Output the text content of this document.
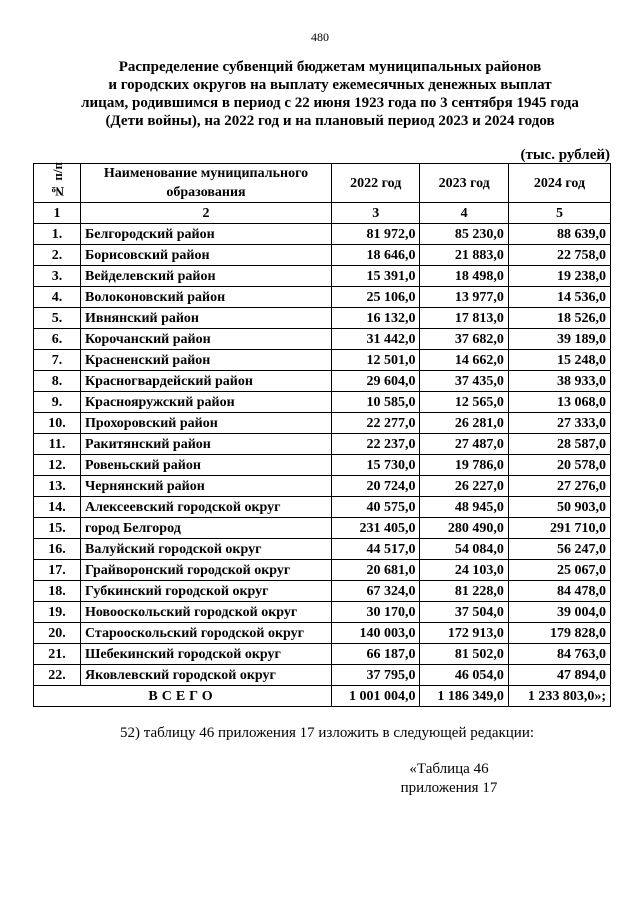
480
Распределение субвенций бюджетам муниципальных районов
и городских округов на выплату ежемесячных денежных выплат
лицам, родившимся в период с 22 июня 1923 года по 3 сентября 1945 года
(Дети войны), на 2022 год и на плановый период 2023 и 2024 годов
(тыс. рублей)
№ п/п	Наименование муниципального образования	2022 год	2023 год	2024 год
1	2	3	4	5
1.	Белгородский район	81 972,0	85 230,0	88 639,0
2.	Борисовский район	18 646,0	21 883,0	22 758,0
3.	Вейделевский район	15 391,0	18 498,0	19 238,0
4.	Волоконовский район	25 106,0	13 977,0	14 536,0
5.	Ивнянский район	16 132,0	17 813,0	18 526,0
6.	Корочанский район	31 442,0	37 682,0	39 189,0
7.	Красненский район	12 501,0	14 662,0	15 248,0
8.	Красногвардейский район	29 604,0	37 435,0	38 933,0
9.	Краснояружский район	10 585,0	12 565,0	13 068,0
10.	Прохоровский район	22 277,0	26 281,0	27 333,0
11.	Ракитянский район	22 237,0	27 487,0	28 587,0
12.	Ровеньский район	15 730,0	19 786,0	20 578,0
13.	Чернянский район	20 724,0	26 227,0	27 276,0
14.	Алексеевский городской округ	40 575,0	48 945,0	50 903,0
15.	город Белгород	231 405,0	280 490,0	291 710,0
16.	Валуйский городской округ	44 517,0	54 084,0	56 247,0
17.	Грайворонский городской округ	20 681,0	24 103,0	25 067,0
18.	Губкинский городской округ	67 324,0	81 228,0	84 478,0
19.	Новооскольский городской округ	30 170,0	37 504,0	39 004,0
20.	Старооскольский городской округ	140 003,0	172 913,0	179 828,0
21.	Шебекинский городской округ	66 187,0	81 502,0	84 763,0
22.	Яковлевский городской округ	37 795,0	46 054,0	47 894,0
ВСЕГО		1 001 004,0	1 186 349,0	1 233 803,0»;
52) таблицу 46 приложения 17 изложить в следующей редакции:
«Таблица 46
приложения 17
